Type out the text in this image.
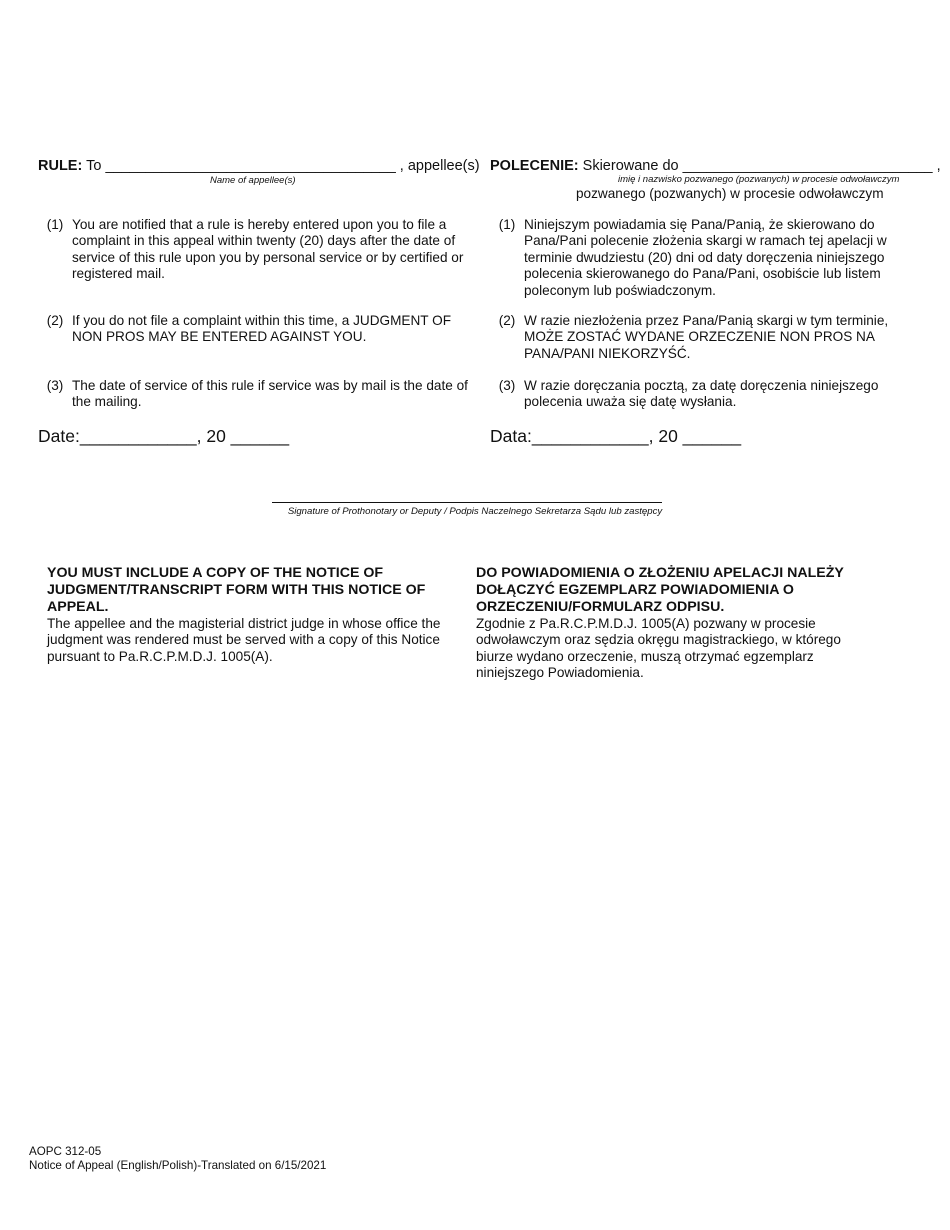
RULE: To ____________________________________ , appellee(s)
Name of appellee(s)
POLECENIE: Skierowane do _______________________________ ,
imię i nazwisko pozwanego (pozwanych) w procesie odwoławczym
pozwanego (pozwanych) w procesie odwoławczym
(1) You are notified that a rule is hereby entered upon you to file a complaint in this appeal within twenty (20) days after the date of service of this rule upon you by personal service or by certified or registered mail.
(2) If you do not file a complaint within this time, a JUDGMENT OF NON PROS MAY BE ENTERED AGAINST YOU.
(3) The date of service of this rule if service was by mail is the date of the mailing.
(1) Niniejszym powiadamia się Pana/Panią, że skierowano do Pana/Pani polecenie złożenia skargi w ramach tej apelacji w terminie dwudziestu (20) dni od daty doręczenia niniejszego polecenia skierowanego do Pana/Pani, osobiście lub listem poleconym lub poświadczonym.
(2) W razie niezłożenia przez Pana/Panią skargi w tym terminie, MOŻE ZOSTAĆ WYDANE ORZECZENIE NON PROS NA PANA/PANI NIEKORZYŚĆ.
(3) W razie doręczania pocztą, za datę doręczenia niniejszego polecenia uważa się datę wysłania.
Date:____________, 20 ______	Data:____________, 20 ______
Signature of Prothonotary or Deputy / Podpis Naczelnego Sekretarza Sądu lub zastępcy
YOU MUST INCLUDE A COPY OF THE NOTICE OF JUDGMENT/TRANSCRIPT FORM WITH THIS NOTICE OF APPEAL.
The appellee and the magisterial district judge in whose office the judgment was rendered must be served with a copy of this Notice pursuant to Pa.R.C.P.M.D.J. 1005(A).
DO POWIADOMIENIA O ZŁOŻENIU APELACJI NALEŻY DOŁĄCZYĆ EGZEMPLARZ POWIADOMIENIA O ORZECZENIU/FORMULARZ ODPISU.
Zgodnie z Pa.R.C.P.M.D.J. 1005(A) pozwany w procesie odwoławczym oraz sędzia okręgu magistrackiego, w którego biurze wydano orzeczenie, muszą otrzymać egzemplarz niniejszego Powiadomienia.
AOPC 312-05
Notice of Appeal (English/Polish)-Translated on 6/15/2021
